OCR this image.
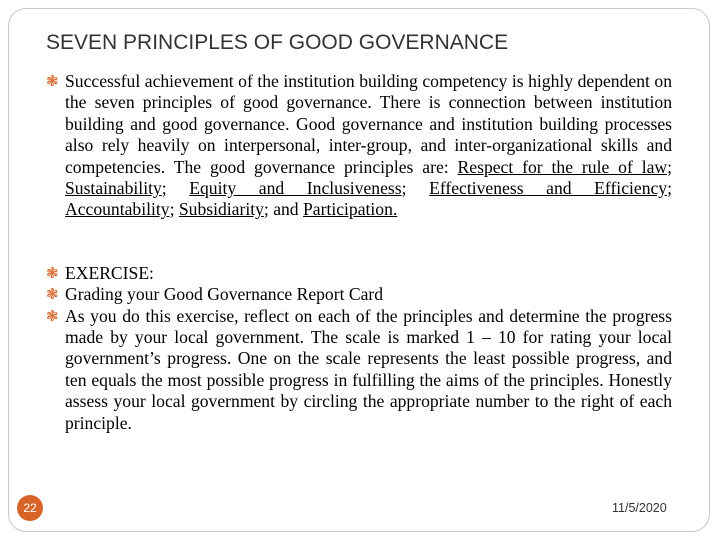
SEVEN PRINCIPLES OF GOOD GOVERNANCE
❃ Successful achievement of the institution building competency is highly dependent on the seven principles of good governance. There is connection between institution building and good governance. Good governance and institution building processes also rely heavily on interpersonal, inter-group, and inter-organizational skills and competencies. The good governance principles are: Respect for the rule of law; Sustainability; Equity and Inclusiveness; Effectiveness and Efficiency; Accountability; Subsidiarity; and Participation.
❃ EXERCISE:
❃ Grading your Good Governance Report Card
❃ As you do this exercise, reflect on each of the principles and determine the progress made by your local government. The scale is marked 1 – 10 for rating your local government’s progress. One on the scale represents the least possible progress, and ten equals the most possible progress in fulfilling the aims of the principles. Honestly assess your local government by circling the appropriate number to the right of each principle.
22	11/5/2020
